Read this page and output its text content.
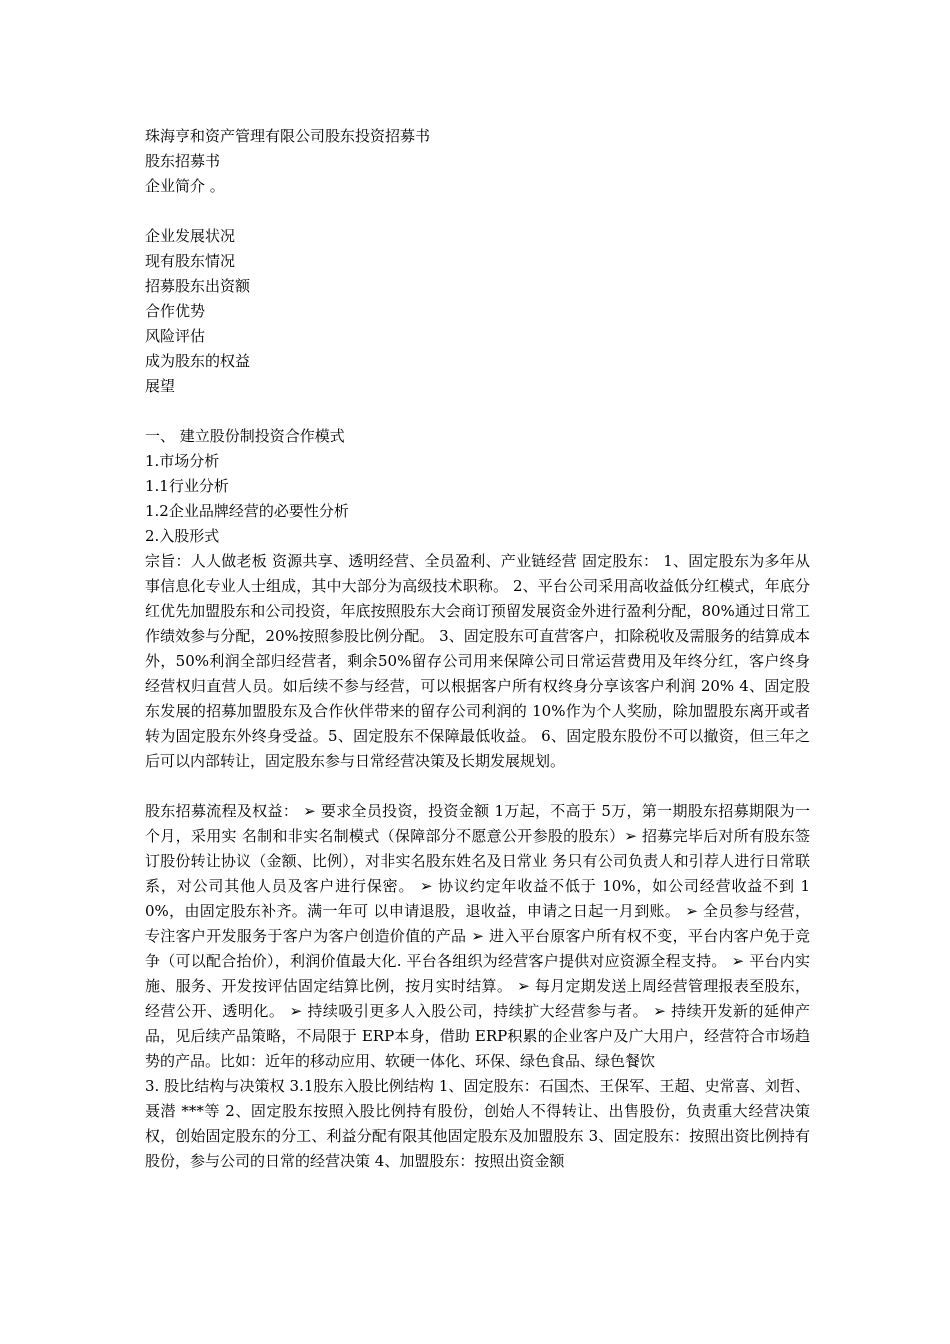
珠海亨和资产管理有限公司股东投资招募书
股东招募书
企业简介 。
企业发展状况
现有股东情况
招募股东出资额
合作优势
风险评估
成为股东的权益
展望
一、 建立股份制投资合作模式
1.市场分析
1.1行业分析
1.2企业品牌经营的必要性分析
2.入股形式

宗旨：人人做老板 资源共享、透明经营、全员盈利、产业链经营 固定股东： 1、固定股东为多年从事信息化专业人士组成，其中大部分为高级技术职称。 2、平台公司采用高收益低分红模式，年底分红优先加盟股东和公司投资，年底按照股东大会商订预留发展资金外进行盈利分配，80%通过日常工作绩效参与分配，20%按照参股比例分配。 3、固定股东可直营客户，扣除税收及需服务的结算成本外，50%利润全部归经营者，剩余50%留存公司用来保障公司日常运营费用及年终分红，客户终身经营权归直营人员。如后续不参与经营，可以根据客户所有权终身分享该客户利润 20% 4、固定股东发展的招募加盟股东及合作伙伴带来的留存公司利润的 10%作为个人奖励，除加盟股东离开或者转为固定股东外终身受益。5、固定股东不保障最低收益。 6、固定股东股份不可以撤资，但三年之后可以内部转让，固定股东参与日常经营决策及长期发展规划。

股东招募流程及权益： ➢ 要求全员投资，投资金额 1万起，不高于 5万，第一期股东招募期限为一个月，采用实 名制和非实名制模式（保障部分不愿意公开参股的股东）➢ 招募完毕后对所有股东签订股份转让协议（金额、比例），对非实名股东姓名及日常业 务只有公司负责人和引荐人进行日常联系，对公司其他人员及客户进行保密。 ➢ 协议约定年收益不低于 10%，如公司经营收益不到 10%，由固定股东补齐。满一年可 以申请退股，退收益，申请之日起一月到账。 ➢ 全员参与经营，专注客户开发服务于客户为客户创造价值的产品 ➢ 进入平台原客户所有权不变，平台内客户免于竞争（可以配合抬价），利润价值最大化. 平台各组织为经营客户提供对应资源全程支持。 ➢ 平台内实施、服务、开发按评估固定结算比例，按月实时结算。 ➢ 每月定期发送上周经营管理报表至股东，经营公开、透明化。 ➢ 持续吸引更多人入股公司，持续扩大经营参与者。 ➢ 持续开发新的延伸产品，见后续产品策略，不局限于 ERP本身，借助 ERP积累的企业客户及广大用户，经营符合市场趋势的产品。比如：近年的移动应用、软硬一体化、环保、绿色食品、绿色餐饮

3. 股比结构与决策权 3.1股东入股比例结构 1、固定股东：石国杰、王保军、王超、史常喜、刘哲、聂潜 ***等 2、固定股东按照入股比例持有股份，创始人不得转让、出售股份，负责重大经营决策权，创始固定股东的分工、利益分配有限其他固定股东及加盟股东 3、固定股东：按照出资比例持有股份，参与公司的日常的经营决策 4、加盟股东：按照出资金额
